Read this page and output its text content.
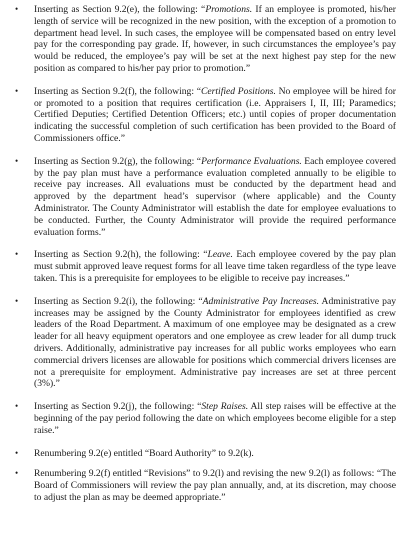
• Inserting as Section 9.2(e), the following: “Promotions. If an employee is promoted, his/her length of service will be recognized in the new position, with the exception of a promotion to department head level. In such cases, the employee will be compensated based on entry level pay for the corresponding pay grade. If, however, in such circumstances the employee’s pay would be reduced, the employee’s pay will be set at the next highest pay step for the new position as compared to his/her pay prior to promotion.”
• Inserting as Section 9.2(f), the following: “Certified Positions. No employee will be hired for or promoted to a position that requires certification (i.e. Appraisers I, II, III; Paramedics; Certified Deputies; Certified Detention Officers; etc.) until copies of proper documentation indicating the successful completion of such certification has been provided to the Board of Commissioners office.”
• Inserting as Section 9.2(g), the following: “Performance Evaluations. Each employee covered by the pay plan must have a performance evaluation completed annually to be eligible to receive pay increases. All evaluations must be conducted by the department head and approved by the department head’s supervisor (where applicable) and the County Administrator. The County Administrator will establish the date for employee evaluations to be conducted. Further, the County Administrator will provide the required performance evaluation forms.”
• Inserting as Section 9.2(h), the following: “Leave. Each employee covered by the pay plan must submit approved leave request forms for all leave time taken regardless of the type leave taken. This is a prerequisite for employees to be eligible to receive pay increases.”
• Inserting as Section 9.2(i), the following: “Administrative Pay Increases. Administrative pay increases may be assigned by the County Administrator for employees identified as crew leaders of the Road Department. A maximum of one employee may be designated as a crew leader for all heavy equipment operators and one employee as crew leader for all dump truck drivers. Additionally, administrative pay increases for all public works employees who earn commercial drivers licenses are allowable for positions which commercial drivers licenses are not a prerequisite for employment. Administrative pay increases are set at three percent (3%).”
• Inserting as Section 9.2(j), the following: “Step Raises. All step raises will be effective at the beginning of the pay period following the date on which employees become eligible for a step raise.”
• Renumbering 9.2(e) entitled “Board Authority” to 9.2(k).
• Renumbering 9.2(f) entitled “Revisions” to 9.2(l) and revising the new 9.2(l) as follows: “The Board of Commissioners will review the pay plan annually, and, at its discretion, may choose to adjust the plan as may be deemed appropriate.”
